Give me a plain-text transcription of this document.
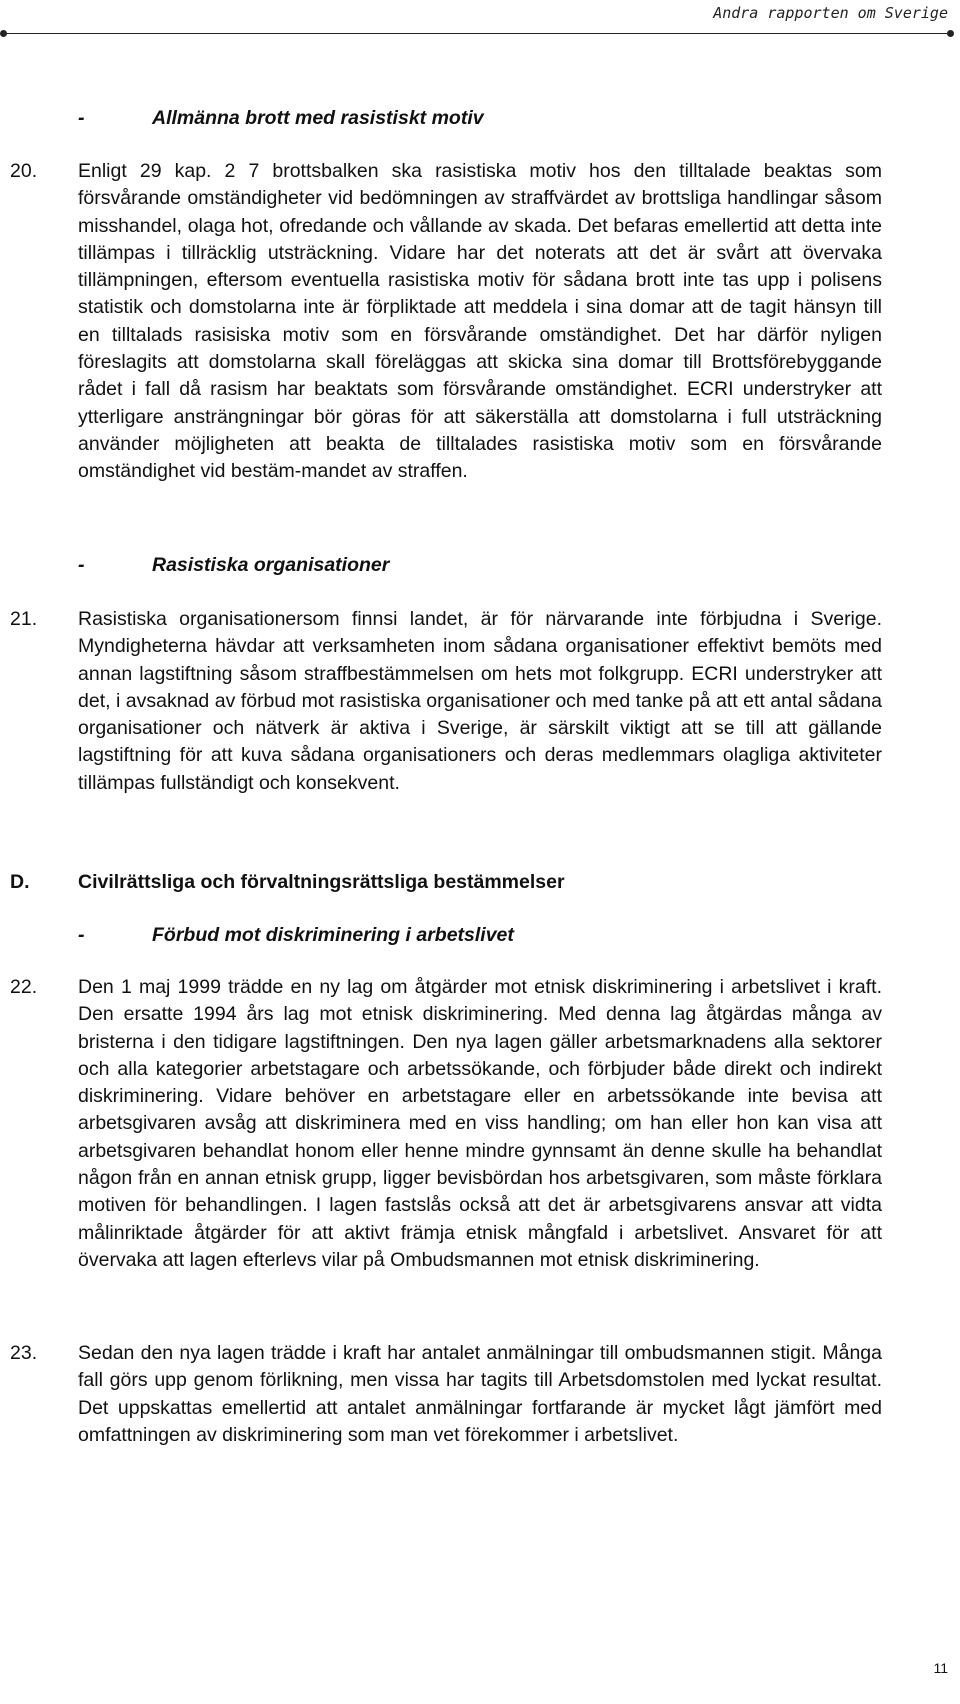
Andra rapporten om Sverige
-	Allmänna brott med rasistiskt motiv
20. Enligt 29 kap. 2 7 brottsbalken ska rasistiska motiv hos den tilltalade beaktas som försvårande omständigheter vid bedömningen av straffvärdet av brottsliga handlingar såsom misshandel, olaga hot, ofredande och vållande av skada. Det befaras emellertid att detta inte tillämpas i tillräcklig utsträckning. Vidare har det noterats att det är svårt att övervaka tillämpningen, eftersom eventuella rasistiska motiv för sådana brott inte tas upp i polisens statistik och domstolarna inte är förpliktade att meddela i sina domar att de tagit hänsyn till en tilltalads rasisiska motiv som en försvårande omständighet. Det har därför nyligen föreslagits att domstolarna skall föreläggas att skicka sina domar till Brottsförebyggande rådet i fall då rasism har beaktats som försvårande omständighet. ECRI understryker att ytterligare ansträngningar bör göras för att säkerställa att domstolarna i full utsträckning använder möjligheten att beakta de tilltalades rasistiska motiv som en försvårande omständighet vid bestäm-mandet av straffen.
-	Rasistiska organisationer
21. Rasistiska organisationersom finnsi landet, är för närvarande inte förbjudna i Sverige. Myndigheterna hävdar att verksamheten inom sådana organisationer effektivt bemöts med annan lagstiftning såsom straffbestämmelsen om hets mot folkgrupp. ECRI understryker att det, i avsaknad av förbud mot rasistiska organisationer och med tanke på att ett antal sådana organisationer och nätverk är aktiva i Sverige, är särskilt viktigt att se till att gällande lagstiftning för att kuva sådana organisationers och deras medlemmars olagliga aktiviteter tillämpas fullständigt och konsekvent.
D. Civilrättsliga och förvaltningsrättsliga bestämmelser
-	Förbud mot diskriminering i arbetslivet
22. Den 1 maj 1999 trädde en ny lag om åtgärder mot etnisk diskriminering i arbetslivet i kraft. Den ersatte 1994 års lag mot etnisk diskriminering. Med denna lag åtgärdas många av bristerna i den tidigare lagstiftningen. Den nya lagen gäller arbetsmarknadens alla sektorer och alla kategorier arbetstagare och arbetssökande, och förbjuder både direkt och indirekt diskriminering. Vidare behöver en arbetstagare eller en arbetssökande inte bevisa att arbetsgivaren avsåg att diskriminera med en viss handling; om han eller hon kan visa att arbetsgivaren behandlat honom eller henne mindre gynnsamt än denne skulle ha behandlat någon från en annan etnisk grupp, ligger bevisbördan hos arbetsgivaren, som måste förklara motiven för behandlingen. I lagen fastslås också att det är arbetsgivarens ansvar att vidta målinriktade åtgärder för att aktivt främja etnisk mångfald i arbetslivet. Ansvaret för att övervaka att lagen efterlevs vilar på Ombudsmannen mot etnisk diskriminering.
23. Sedan den nya lagen trädde i kraft har antalet anmälningar till ombudsmannen stigit. Många fall görs upp genom förlikning, men vissa har tagits till Arbetsdomstolen med lyckat resultat. Det uppskattas emellertid att antalet anmälningar fortfarande är mycket lågt jämfört med omfattningen av diskriminering som man vet förekommer i arbetslivet.
11
